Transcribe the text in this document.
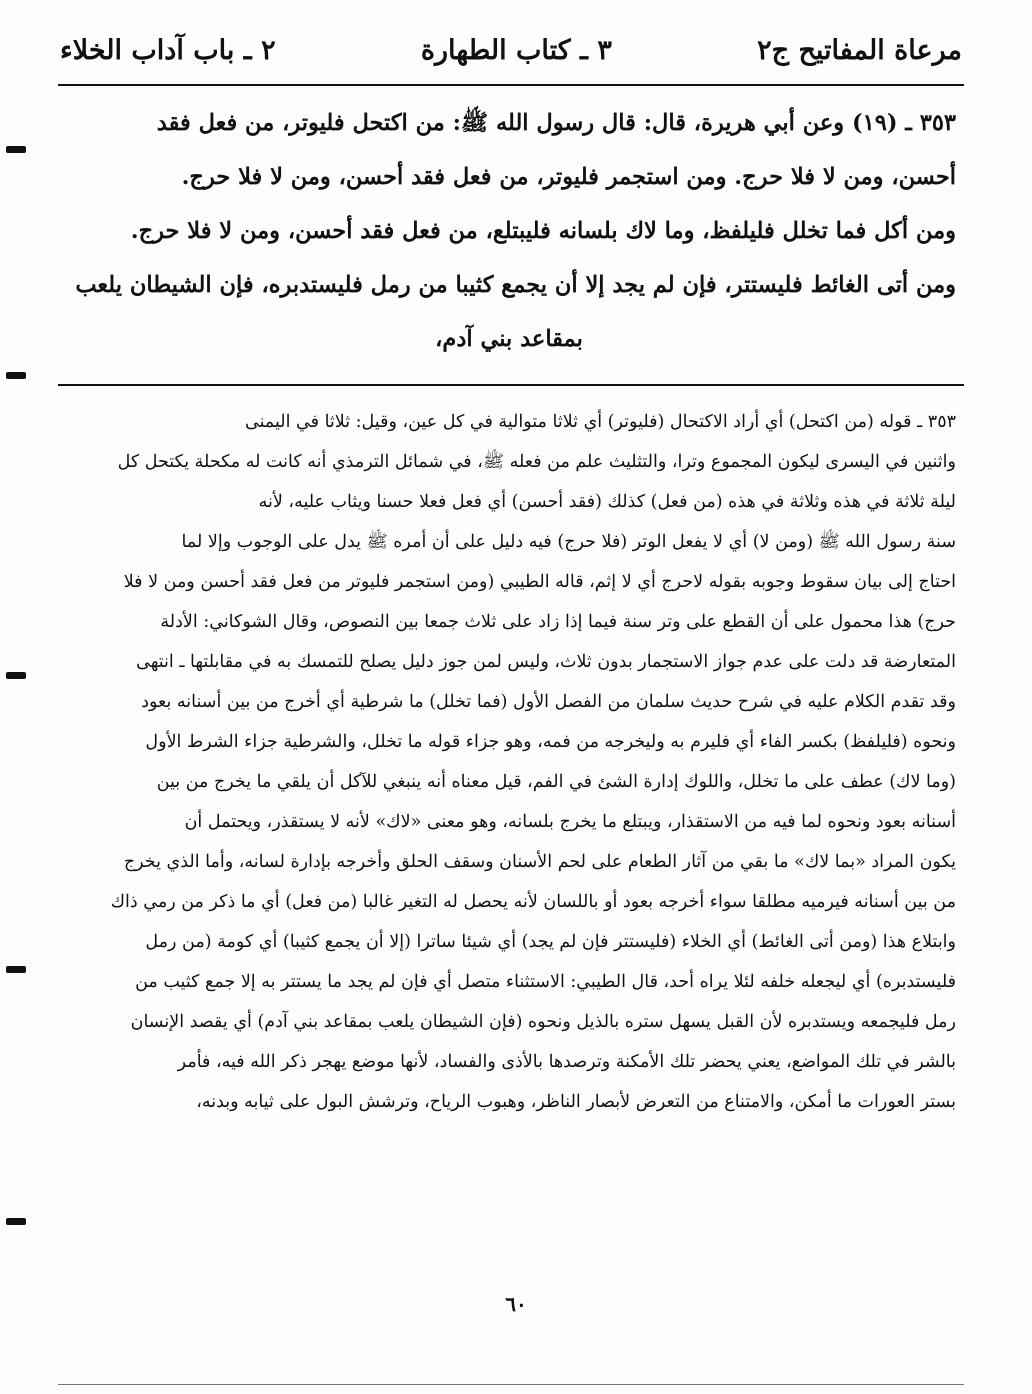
مرعاة المفاتيح ج٢
٣ ـ كتاب الطهارة
٢ ـ باب آداب الخلاء

٣٥٣ ـ (١٩) وعن أبي هريرة، قال: قال رسول الله ﷺ: من اكتحل فليوتر، من فعل فقد

أحسن، ومن لا فلا حرج. ومن استجمر فليوتر، من فعل فقد أحسن، ومن لا فلا حرج.

ومن أكل فما تخلل فليلفظ، وما لاك بلسانه فليبتلع، من فعل فقد أحسن، ومن لا فلا حرج.

ومن أتى الغائط فليستتر، فإن لم يجد إلا أن يجمع كثيبا من رمل فليستدبره، فإن الشيطان يلعب

بمقاعد بني آدم،

٣٥٣ ـ قوله (من اكتحل) أي أراد الاكتحال (فليوتر) أي ثلاثا متوالية في كل عين، وقيل: ثلاثا في اليمنى

واثنين في اليسرى ليكون المجموع وترا، والتثليث علم من فعله ﷺ، في شمائل الترمذي أنه كانت له مكحلة يكتحل كل

ليلة ثلاثة في هذه وثلاثة في هذه (من فعل) كذلك (فقد أحسن) أي فعل فعلا حسنا ويثاب عليه، لأنه

سنة رسول الله ﷺ (ومن لا) أي لا يفعل الوتر (فلا حرج) فيه دليل على أن أمره ﷺ يدل على الوجوب وإلا لما

احتاج إلى بيان سقوط وجوبه بقوله لاحرج أي لا إثم، قاله الطيبي (ومن استجمر فليوتر من فعل فقد أحسن ومن لا فلا

حرج) هذا محمول على أن القطع على وتر سنة فيما إذا زاد على ثلاث جمعا بين النصوص، وقال الشوكاني: الأدلة

المتعارضة قد دلت على عدم جواز الاستجمار بدون ثلاث، وليس لمن جوز دليل يصلح للتمسك به في مقابلتها ـ انتهى

وقد تقدم الكلام عليه في شرح حديث سلمان من الفصل الأول (فما تخلل) ما شرطية أي أخرج من بين أسنانه بعود

ونحوه (فليلفظ) بكسر الفاء أي فليرم به وليخرجه من فمه، وهو جزاء قوله ما تخلل، والشرطية جزاء الشرط الأول

(وما لاك) عطف على ما تخلل، واللوك إدارة الشئ في الفم، قيل معناه أنه ينبغي للآكل أن يلقي ما يخرج من بين

أسنانه بعود ونحوه لما فيه من الاستقذار، ويبتلع ما يخرج بلسانه، وهو معنى «لاك» لأنه لا يستقذر، ويحتمل أن

يكون المراد «بما لاك» ما بقي من آثار الطعام على لحم الأسنان وسقف الحلق وأخرجه بإدارة لسانه، وأما الذي يخرج

من بين أسنانه فيرميه مطلقا سواء أخرجه بعود أو باللسان لأنه يحصل له التغير غالبا (من فعل) أي ما ذكر من رمي ذاك

وابتلاع هذا (ومن أتى الغائط) أي الخلاء (فليستتر فإن لم يجد) أي شيئا ساترا (إلا أن يجمع كثيبا) أي كومة (من رمل

فليستدبره) أي ليجعله خلفه لئلا يراه أحد، قال الطيبي: الاستثناء متصل أي فإن لم يجد ما يستتر به إلا جمع كثيب من

رمل فليجمعه ويستدبره لأن القبل يسهل ستره بالذيل ونحوه (فإن الشيطان يلعب بمقاعد بني آدم) أي يقصد الإنسان

بالشر في تلك المواضع، يعني يحضر تلك الأمكنة وترصدها بالأذى والفساد، لأنها موضع يهجر ذكر الله فيه، فأمر

بستر العورات ما أمكن، والامتناع من التعرض لأبصار الناظر، وهبوب الرياح، وترشش البول على ثيابه وبدنه،

٦٠
